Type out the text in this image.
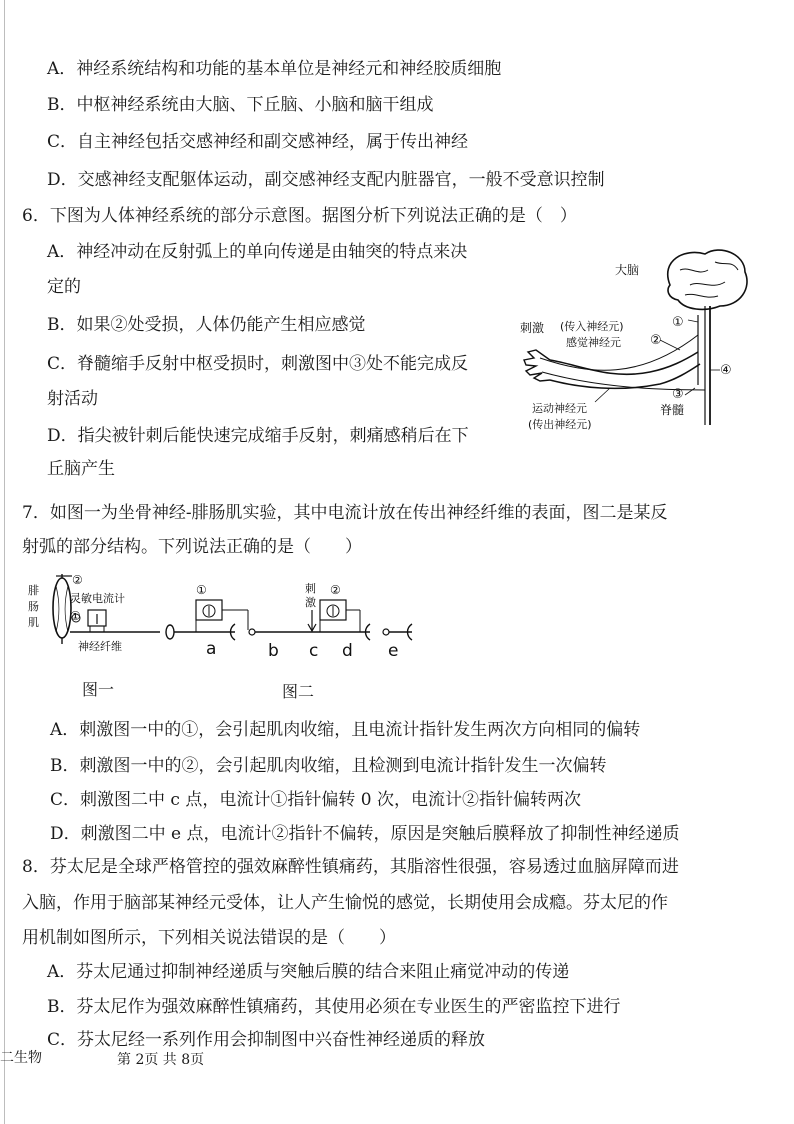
A．神经系统结构和功能的基本单位是神经元和神经胶质细胞
B．中枢神经系统由大脑、下丘脑、小脑和脑干组成
C．自主神经包括交感神经和副交感神经，属于传出神经
D．交感神经支配躯体运动，副交感神经支配内脏器官，一般不受意识控制
6．下图为人体神经系统的部分示意图。据图分析下列说法正确的是（　）
A．神经冲动在反射弧上的单向传递是由轴突的特点来决
定的
B．如果②处受损，人体仍能产生相应感觉
C．脊髓缩手反射中枢受损时，刺激图中③处不能完成反
射活动
D．指尖被针刺后能快速完成缩手反射，刺痛感稍后在下
丘脑产生
大脑
刺激 (传入神经元)
感觉神经元
①
②
③
④
脊髓
运动神经元
(传出神经元)
7．如图一为坐骨神经-腓肠肌实验，其中电流计放在传出神经纤维的表面，图二是某反
射弧的部分结构。下列说法正确的是（　　）
②
①
灵敏电流计
神经纤维
腓
肠
肌
①	②
刺
激
a	b c d e
图一	图二
A．刺激图一中的①，会引起肌肉收缩，且电流计指针发生两次方向相同的偏转
B．刺激图一中的②，会引起肌肉收缩，且检测到电流计指针发生一次偏转
C．刺激图二中 c 点，电流计①指针偏转 0 次，电流计②指针偏转两次
D．刺激图二中 e 点，电流计②指针不偏转，原因是突触后膜释放了抑制性神经递质
8．芬太尼是全球严格管控的强效麻醉性镇痛药，其脂溶性很强，容易透过血脑屏障而进
入脑，作用于脑部某神经元受体，让人产生愉悦的感觉，长期使用会成瘾。芬太尼的作
用机制如图所示，下列相关说法错误的是（　　）
A．芬太尼通过抑制神经递质与突触后膜的结合来阻止痛觉冲动的传递
B．芬太尼作为强效麻醉性镇痛药，其使用必须在专业医生的严密监控下进行
C．芬太尼经一系列作用会抑制图中兴奋性神经递质的释放
二生物	第 2页 共 8页
